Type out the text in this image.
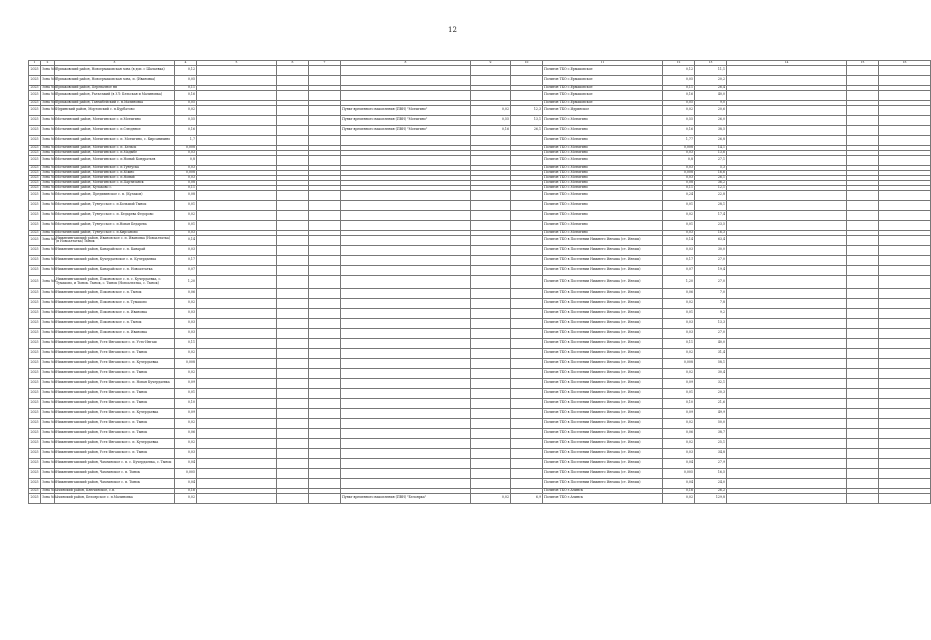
12
1	2	3	4	5	6	7	8	9	10	11	12	13	14	15	16
2025	Зона №8	Ермаковский район, Новоермаковская зона (в доп. с Шалаевка)	0,12							Полигон ТБО с.Ермаковское	0,12	11,1			
2025	Зона №8	Ермаковский район, Новоермаковская зона, п. (Ивановка)	0,05							Полигон ТБО с.Ермаковское	0,05	20,2			
2025	Зона №8	Ермаковский район, Перевалное нп	0,11							Полигон ТБО с.Ермаковское	0,11	26,4			
2025	Зона №8	Ермаковский район, Разъезжий (в ЗЛ: Бэльская и Малиновка)	0,16							Полигон ТБО с.Ермаковское	0,16	40,0			
2025	Зона №8	Ермаковский район, Танзыбейский с. п.Малиновка	0,05							Полигон ТБО с.Ермаковское	0,05	9,0			
2025	Зона №8	Идринский район, Мортовский с. п.Курбатово	0,02				Пункт временного накопления (ПВН) "Мотыгино"	0,02	12,3	Полигон ТБО с.Идринское	0,02	20,6			
2025	Зона №8	Мотыгинский район, Мотыгинское с. п.Мотыгино	0,55				Пункт временного накопления (ПВН) "Мотыгино"	0,55	13,1	Полигон ТБО с.Мотыгино	0,55	26,0			
2025	Зона №8	Мотыгинский район, Мотыгинское с. п.Слюдяное	0,16				Пункт временного накопления (ПВН) "Мотыгино"	0,16	26,1	Полигон ТБО с.Мотыгино	0,16	38,5			
2025	Зона №8	Мотыгинский район, Мотыгинское с. п. Мотыгино, с. Кирсанихино	1,7							Полигон ТБО с.Мотыгино	1,77	26,8			
2025	Зона №8	Мотыгинский район, Мотыгинское с. п. Бельск	0,008							Полигон ТБО с.Мотыгино	0,008	14,1			
2025	Зона №8	Мотыгинский район, Мотыгинское с. п.Мадыбе	0,03							Полигон ТБО с.Мотыгино	0,03	13,6			
2025	Зона №8	Мотыгинский район, Мотыгинское с. п.Новый Кондратьев	0,8							Полигон ТБО с.Мотыгино	0,8	27,1			
2025	Зона №8	Мотыгинский район, Мотыгинское с. п.Тунгуска	0,03							Полигон ТБО с.Мотыгино	0,03	5,3			
2025	Зона №8	Мотыгинский район, Мотыгинское с. п.Южно	0,008							Полигон ТБО с.Мотыгино	0,008	16,6			
2025	Зона №8	Мотыгинский район, Мотыгинское с. п.Новый	0,03							Полигон ТБО с.Мотыгино	0,03	26,1			
2025	Зона №8	Мотыгинский район, Мотыгинское с. п.Партизанск	0,08							Полигон ТБО с.Мотыгино	0,08	36,2			
2025	Зона №8	Мотыгинский район, Кулаково с.	0,11							Полигон ТБО с.Мотыгино	0,11	12,1			
2025	Зона №8	Мотыгинский район, Предивинское с. п. (Кулаков)	0,08							Полигон ТБО с.Мотыгино	0,24	22,8			
2025	Зона №8	Мотыгинский район, Тунгусское с. п.Большой Тынок	0,01							Полигон ТБО с.Мотыгино	0,01	28,1			
2025	Зона №8	Мотыгинский район, Тунгусское с. п. Бедарева Федорово	0,02							Полигон ТБО с.Мотыгино	0,02	17,4			
2025	Зона №8	Мотыгинский район, Тунгусское с. п.Новая Бедарева	0,01							Полигон ТБО с.Мотыгино	0,01	23,5			
2025	Зона №8	Мотыгинский район, Тунгусское с. п.Кирсаново	0,03							Полигон ТБО с.Мотыгино	0,03	16,3			
2025	Зона №8	Нижнеингашский район, Ивановское с. п. Ивановка (Новоалтатка) (в Новоалтатка) Тынок	0,14							Полигон ТБО в Поселении Нижнего Ингаша (ст. Ингаш)	0,14	63,4			
2025	Зона №8	Нижнеингашский район, Канарайское с. п. Канарай	0,03							Полигон ТБО в Поселении Нижнего Ингаша (ст. Ингаш)	0,03	30,0			
2025	Зона №8	Нижнеингашский район, Кучердаевское с. п. Кучердаевка	0,17							Полигон ТБО в Поселении Нижнего Ингаша (ст. Ингаш)	0,17	27,0			
2025	Зона №8	Нижнеингашский район, Канарайское с. п. Новоалтатка	0,07							Полигон ТБО в Поселении Нижнего Ингаша (ст. Ингаш)	0,07	19,4			
2025	Зона №8	Нижнеингашский район, Поконовское с. п. с. Кучердаевка, с. Тумаково, и Тынок. Тынок, с. Тынок (Новоалтатка, с. Тынок)	1,20							Полигон ТБО в Поселении Нижнего Ингаша (ст. Ингаш)	1,20	27,0			
2025	Зона №8	Нижнеингашский район, Поконовское с. п. Тынок	0,06							Полигон ТБО в Поселении Нижнего Ингаша (ст. Ингаш)	0,06	7,0			
2025	Зона №8	Нижнеингашский район, Поконовское с. п. Тумаково	0,02							Полигон ТБО в Поселении Нижнего Ингаша (ст. Ингаш)	0,02	7,8			
2025	Зона №8	Нижнеингашский район, Поконовское с. п. Ивановка	0,03							Полигон ТБО в Поселении Нижнего Ингаша (ст. Ингаш)	0,01	9,2			
2025	Зона №8	Нижнеингашский район, Поконовское с. п. Тынок	0,03							Полигон ТБО в Поселении Нижнего Ингаша (ст. Ингаш)	0,03	13,3			
2025	Зона №8	Нижнеингашский район, Поконовское с. п. Ивановка	0,03							Полигон ТБО в Поселении Нижнего Ингаша (ст. Ингаш)	0,03	27,0			
2025	Зона №8	Нижнеингашский район, Усть-Ингашское с. п. Усть-Ингаш	0,11							Полигон ТБО в Поселении Нижнего Ингаша (ст. Ингаш)	0,11	40,0			
2025	Зона №8	Нижнеингашский район, Усть-Ингашское с. п. Тынок	0,02							Полигон ТБО в Поселении Нижнего Ингаша (ст. Ингаш)	0,02	31,4			
2025	Зона №8	Нижнеингашский район, Усть-Ингашское с. п. Кучердаевка	0,008							Полигон ТБО в Поселении Нижнего Ингаша (ст. Ингаш)	0,008	58,1			
2025	Зона №8	Нижнеингашский район, Усть-Ингашское с. п. Тынок	0,02							Полигон ТБО в Поселении Нижнего Ингаша (ст. Ингаш)	0,02	30,4			
2025	Зона №8	Нижнеингашский район, Усть-Ингашское с. п. Новая Кучердаевка	0,09							Полигон ТБО в Поселении Нижнего Ингаша (ст. Ингаш)	0,09	32,1			
2025	Зона №8	Нижнеингашский район, Усть-Ингашское с. п. Тынок	0,01							Полигон ТБО в Поселении Нижнего Ингаша (ст. Ингаш)	0,01	20,3			
2025	Зона №8	Нижнеингашский район, Усть-Ингашское с. п. Тынок	0,10							Полигон ТБО в Поселении Нижнего Ингаша (ст. Ингаш)	0,10	21,6			
2025	Зона №8	Нижнеингашский район, Усть-Ингашское с. п. Кучердаевка	0,09							Полигон ТБО в Поселении Нижнего Ингаша (ст. Ингаш)	0,09	49,9			
2025	Зона №8	Нижнеингашский район, Усть-Ингашское с. п. Тынок	0,02							Полигон ТБО в Поселении Нижнего Ингаша (ст. Ингаш)	0,02	50,0			
2025	Зона №8	Нижнеингашский район, Усть-Ингашское с. п. Тынок	0,06							Полигон ТБО в Поселении Нижнего Ингаша (ст. Ингаш)	0,06	38,7			
2025	Зона №8	Нижнеингашский район, Усть-Ингашское с. п. Кучердаевка	0,02							Полигон ТБО в Поселении Нижнего Ингаша (ст. Ингаш)	0,02	25,1			
2025	Зона №8	Нижнеингашский район, Усть-Ингашское с. п. Тынок	0,03							Полигон ТБО в Поселении Нижнего Ингаша (ст. Ингаш)	0,03	34,8			
2025	Зона №8	Нижнеингашский район, Чамзинское с. п. с. Кучердаевка, с. Тынок	0,04							Полигон ТБО в Поселении Нижнего Ингаша (ст. Ингаш)	0,04	27,9			
2025	Зона №8	Нижнеингашский район, Чамзинское с. п. Тынок	0,005							Полигон ТБО в Поселении Нижнего Ингаша (ст. Ингаш)	0,005	16,5			
2025	Зона №8	Нижнеингашский район, Чамзинское с. п. Тынок	0,04							Полигон ТБО в Поселении Нижнего Ингаша (ст. Ингаш)	0,04	24,0			
2025	Зона №8	Ачинский район, Ключинское, с.п.	0,16							Полигон ТБО г.Ачинск	0,16	26,2			
2025	Зона №8	Ачинский район, Белоярское с. п.Малиновка	0,02				Пункт временного накопления (ПВН) "Белоярка"	0,02	6,9	Полигон ТБО г.Ачинск	0,02	129,8			
